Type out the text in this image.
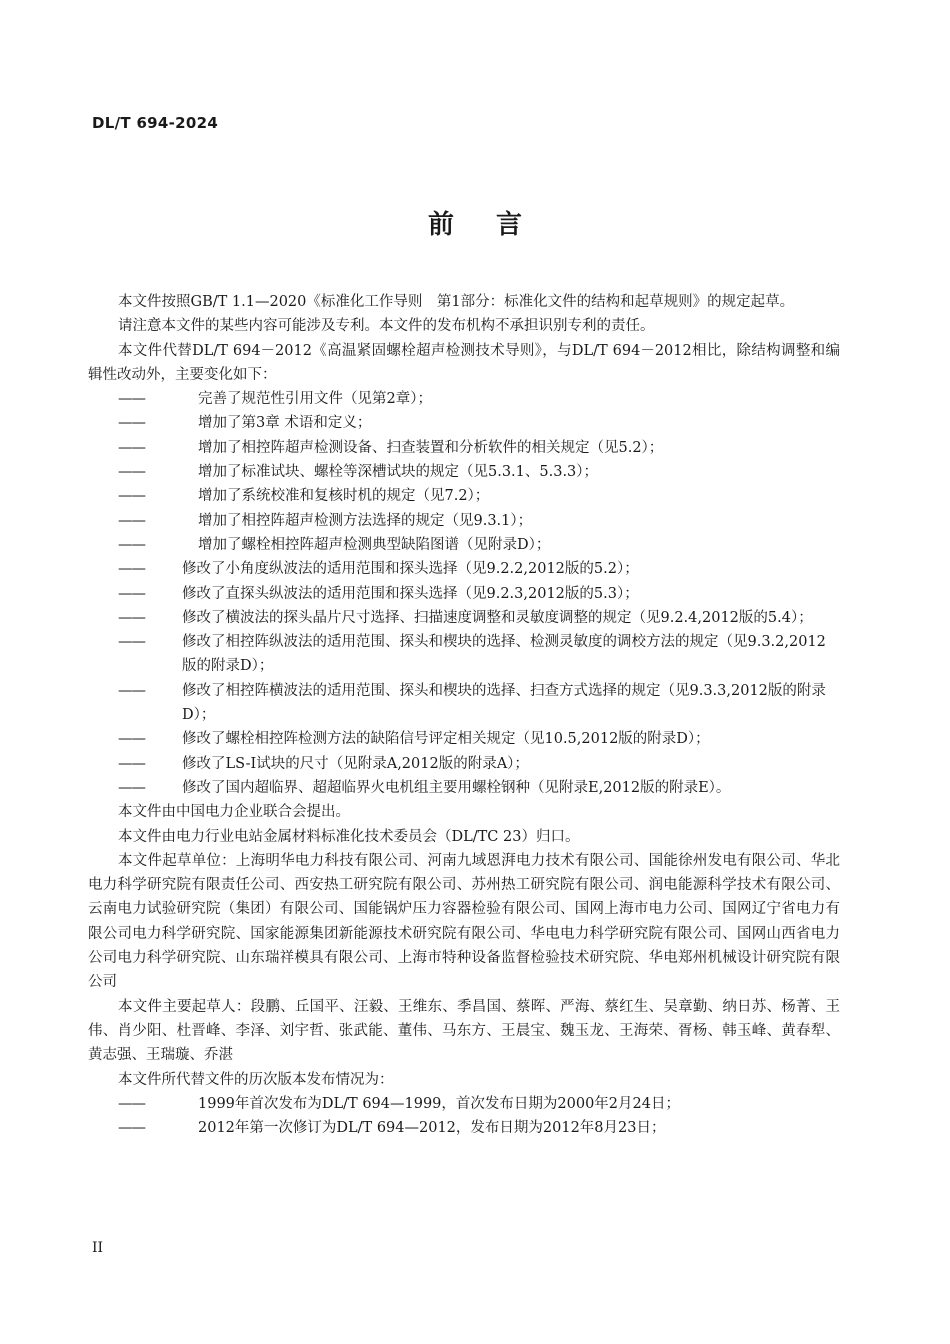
DL/T 694-2024
前言

本文件按照GB/T 1.1—2020《标准化工作导则　第1部分：标准化文件的结构和起草规则》的规定起草。

请注意本文件的某些内容可能涉及专利。本文件的发布机构不承担识别专利的责任。

本文件代替DL/T 694－2012《高温紧固螺栓超声检测技术导则》，与DL/T 694－2012相比，除结构调整和编辑性改动外，主要变化如下：

——	完善了规范性引用文件（见第2章）；
——	增加了第3章 术语和定义；
——	增加了相控阵超声检测设备、扫查装置和分析软件的相关规定（见5.2）；
——	增加了标准试块、螺栓等深槽试块的规定（见5.3.1、5.3.3）；
——	增加了系统校准和复核时机的规定（见7.2）；
——	增加了相控阵超声检测方法选择的规定（见9.3.1）；
——	增加了螺栓相控阵超声检测典型缺陷图谱（见附录D）；
——	修改了小角度纵波法的适用范围和探头选择（见9.2.2,2012版的5.2）；
——	修改了直探头纵波法的适用范围和探头选择（见9.2.3,2012版的5.3）；
——	修改了横波法的探头晶片尺寸选择、扫描速度调整和灵敏度调整的规定（见9.2.4,2012版的5.4）；
——	修改了相控阵纵波法的适用范围、探头和楔块的选择、检测灵敏度的调校方法的规定（见9.3.2,2012版的附录D）；
——	修改了相控阵横波法的适用范围、探头和楔块的选择、扫查方式选择的规定（见9.3.3,2012版的附录D）；
——	修改了螺栓相控阵检测方法的缺陷信号评定相关规定（见10.5,2012版的附录D）；
——	修改了LS-I试块的尺寸（见附录A,2012版的附录A）；
——	修改了国内超临界、超超临界火电机组主要用螺栓钢种（见附录E,2012版的附录E）。

本文件由中国电力企业联合会提出。

本文件由电力行业电站金属材料标准化技术委员会（DL/TC 23）归口。

本文件起草单位：上海明华电力科技有限公司、河南九域恩湃电力技术有限公司、国能徐州发电有限公司、华北电力科学研究院有限责任公司、西安热工研究院有限公司、苏州热工研究院有限公司、润电能源科学技术有限公司、云南电力试验研究院（集团）有限公司、国能锅炉压力容器检验有限公司、国网上海市电力公司、国网辽宁省电力有限公司电力科学研究院、国家能源集团新能源技术研究院有限公司、华电电力科学研究院有限公司、国网山西省电力公司电力科学研究院、山东瑞祥模具有限公司、上海市特种设备监督检验技术研究院、华电郑州机械设计研究院有限公司

本文件主要起草人：段鹏、丘国平、汪毅、王维东、季昌国、蔡晖、严海、蔡红生、吴章勤、纳日苏、杨菁、王伟、肖少阳、杜晋峰、李泽、刘宇哲、张武能、董伟、马东方、王晨宝、魏玉龙、王海荣、胥杨、韩玉峰、黄春犁、黄志强、王瑞璇、乔湛

本文件所代替文件的历次版本发布情况为：

——	1999年首次发布为DL/T 694—1999，首次发布日期为2000年2月24日；
——	2012年第一次修订为DL/T 694—2012，发布日期为2012年8月23日；
II
